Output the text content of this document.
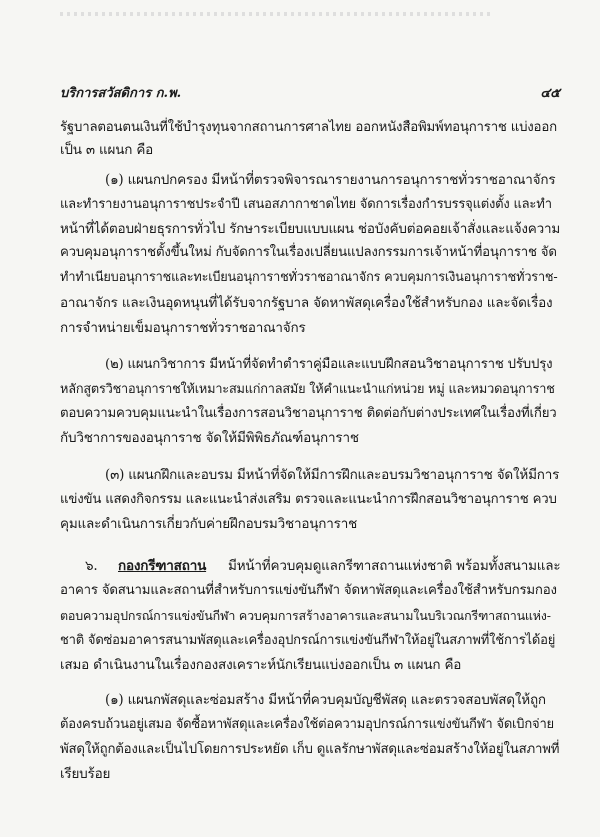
บริการสวัสดิการ ก.พ.	๔๕
รัฐบาลตอนตนเงินที่ใช้บำรุงทุนจากสถานการศาลไทย ออกหนังสือพิมพ์ทอนุการาช แบ่งออก
เป็น ๓ แผนก คือ
(๑) แผนกปกครอง มีหน้าที่ตรวจพิจารณารายงานการอนุการาชทั่วราชอาณาจักร
และทำรายงานอนุการาชประจำปี เสนอสภากาชาดไทย จัดการเรื่องกำรบรรจุแต่งตั้ง และทำ
หน้าที่ได้ตอบฝ่ายธุรการทั่วไป รักษาระเบียบแบบแผน ช่อบังคับต่อคอยเจ้าสั่งและแจ้งความ
ควบคุมอนุการาชตั้งขึ้นใหม่ กับจัดการในเรื่องเปลี่ยนแปลงกรรมการเจ้าหน้าที่อนุการาช จัด
ทำทำเนียบอนุการาชและทะเบียนอนุการาชทั่วราชอาณาจักร ควบคุมการเงินอนุการาชทั่วราช-
อาณาจักร และเงินอุดหนุนที่ได้รับจากรัฐบาล จัดหาพัสดุเครื่องใช้สำหรับกอง และจัดเรื่อง
การจำหน่ายเข็มอนุการาชทั่วราชอาณาจักร
(๒) แผนกวิชาการ มีหน้าที่จัดทำตำราคู่มือและแบบฝึกสอนวิชาอนุการาช ปรับปรุง
หลักสูตรวิชาอนุการาชให้เหมาะสมแก่กาลสมัย ให้คำแนะนำแก่หน่วย หมู่ และหมวดอนุการาช
ตอบความควบคุมแนะนำในเรื่องการสอนวิชาอนุการาช ติดต่อกับต่างประเทศในเรื่องที่เกี่ยว
กับวิชาการของอนุการาช จัดให้มีพิพิธภัณฑ์อนุการาช
(๓) แผนกฝึกและอบรม มีหน้าที่จัดให้มีการฝึกและอบรมวิชาอนุการาช จัดให้มีการ
แข่งขัน แสดงกิจกรรม และแนะนำส่งเสริม ตรวจและแนะนำการฝึกสอนวิชาอนุการาช ควบ
คุมและดำเนินการเกี่ยวกับค่ายฝึกอบรมวิชาอนุการาช
๖. กองกรีฑาสถาน มีหน้าที่ควบคุมดูแลกรีฑาสถานแห่งชาติ พร้อมทั้งสนามและ
อาคาร จัดสนามและสถานที่สำหรับการแข่งขันกีฬา จัดหาพัสดุและเครื่องใช้สำหรับกรมกอง
ตอบความอุปกรณ์การแข่งขันกีฬา ควบคุมการสร้างอาคารและสนามในบริเวณกรีฑาสถานแห่ง-
ชาติ จัดซ่อมอาคารสนามพัสดุและเครื่องอุปกรณ์การแข่งขันกีฬาให้อยู่ในสภาพที่ใช้การได้อยู่
เสมอ ดำเนินงานในเรื่องกองสงเคราะห์นักเรียนแบ่งออกเป็น ๓ แผนก คือ
(๑) แผนกพัสดุและซ่อมสร้าง มีหน้าที่ควบคุมบัญชีพัสดุ และตรวจสอบพัสดุให้ถูก
ต้องครบถ้วนอยู่เสมอ จัดซื้อหาพัสดุและเครื่องใช้ต่อความอุปกรณ์การแข่งขันกีฬา จัดเบิกจ่าย
พัสดุให้ถูกต้องและเป็นไปโดยการประหยัด เก็บ ดูแลรักษาพัสดุและซ่อมสร้างให้อยู่ในสภาพที่
เรียบร้อย
